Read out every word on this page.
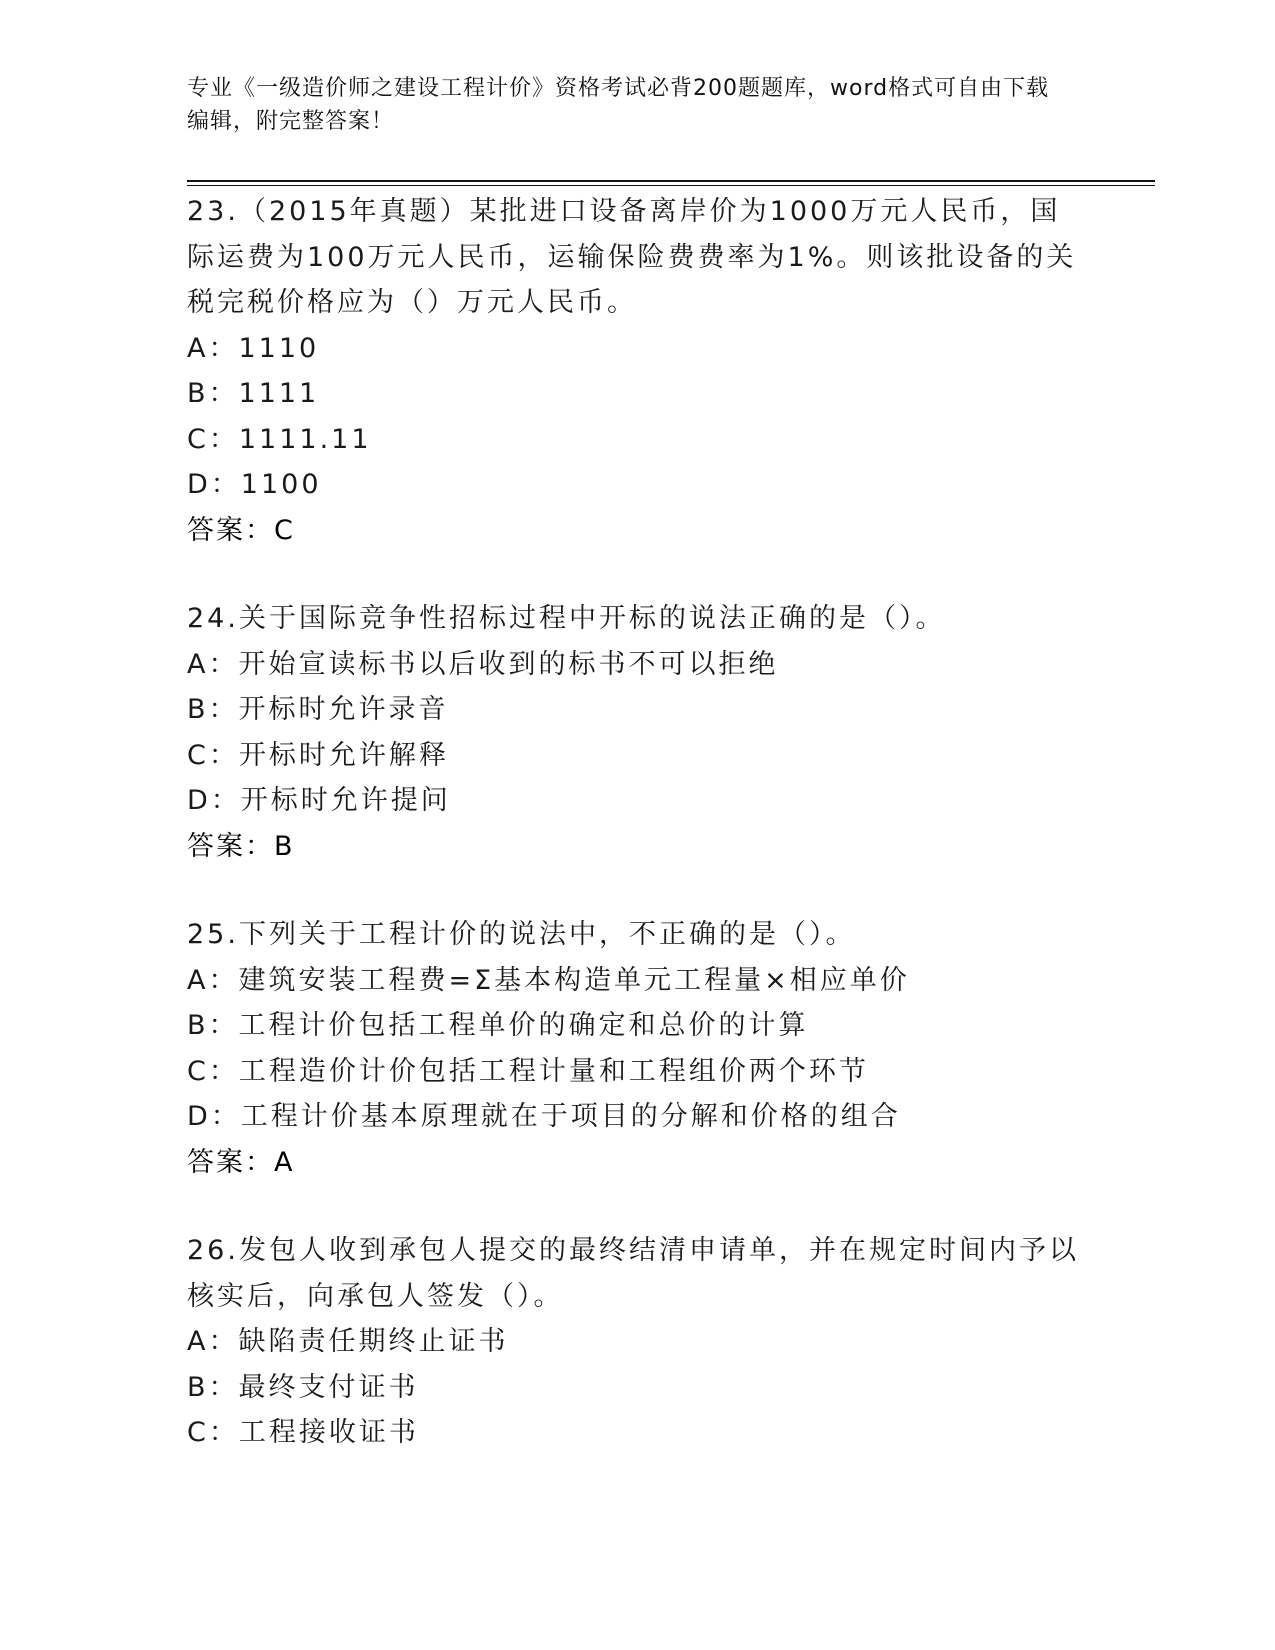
专业《一级造价师之建设工程计价》资格考试必背200题题库，word格式可自由下载编辑，附完整答案！

23.（2015年真题）某批进口设备离岸价为1000万元人民币，国际运费为100万元人民币，运输保险费费率为1%。则该批设备的关税完税价格应为（）万元人民币。

A：1110

B：1111

C：1111.11

D：1100

答案：C

24.关于国际竞争性招标过程中开标的说法正确的是（）。

A：开始宣读标书以后收到的标书不可以拒绝

B：开标时允许录音

C：开标时允许解释

D：开标时允许提问

答案：B

25.下列关于工程计价的说法中，不正确的是（）。

A：建筑安装工程费=Σ基本构造单元工程量×相应单价

B：工程计价包括工程单价的确定和总价的计算

C：工程造价计价包括工程计量和工程组价两个环节

D：工程计价基本原理就在于项目的分解和价格的组合

答案：A

26.发包人收到承包人提交的最终结清申请单，并在规定时间内予以核实后，向承包人签发（）。

A：缺陷责任期终止证书

B：最终支付证书

C：工程接收证书
